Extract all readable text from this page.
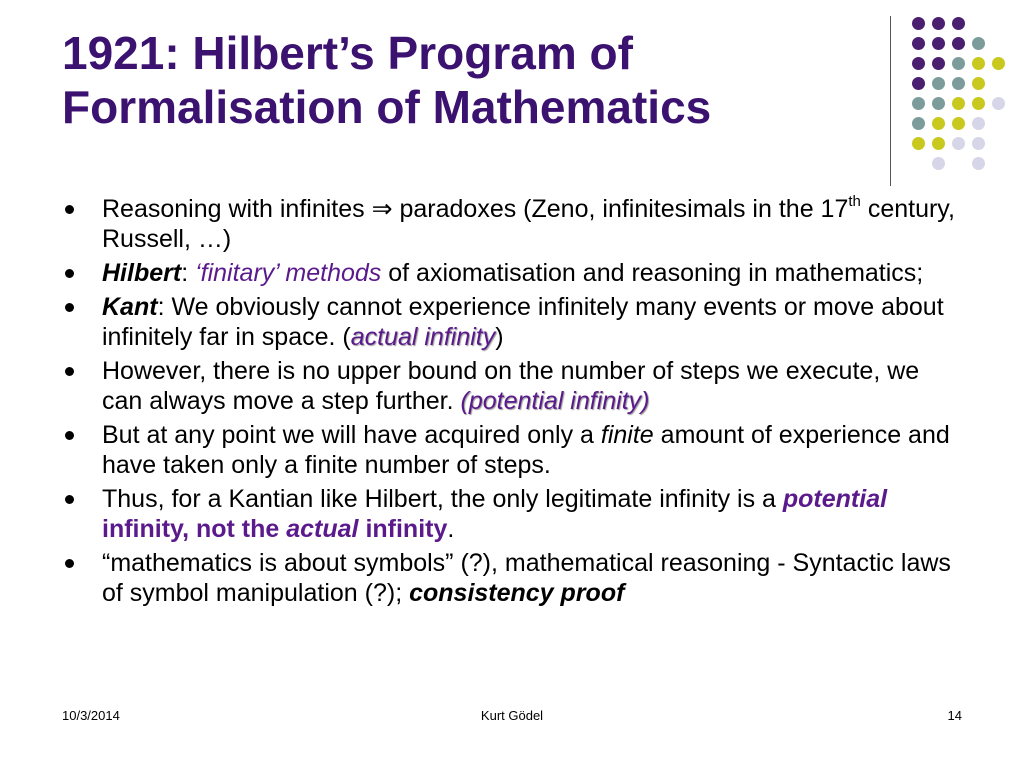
1921: Hilbert’s Program of
Formalisation of Mathematics
Reasoning with infinites ⇒ paradoxes (Zeno, infinitesimals in the 17th century, Russell, …)
Hilbert: ‘finitary’ methods of axiomatisation and reasoning in mathematics;
Kant: We obviously cannot experience infinitely many events or move about infinitely far in space. (actual infinity)
However, there is no upper bound on the number of steps we execute, we can always move a step further. (potential infinity)
But at any point we will have acquired only a finite amount of experience and have taken only a finite number of steps.
Thus, for a Kantian like Hilbert, the only legitimate infinity is a potential infinity, not the actual infinity.
“mathematics is about symbols” (?), mathematical reasoning - Syntactic laws of symbol manipulation (?); consistency proof
10/3/2014	Kurt Gödel	14
